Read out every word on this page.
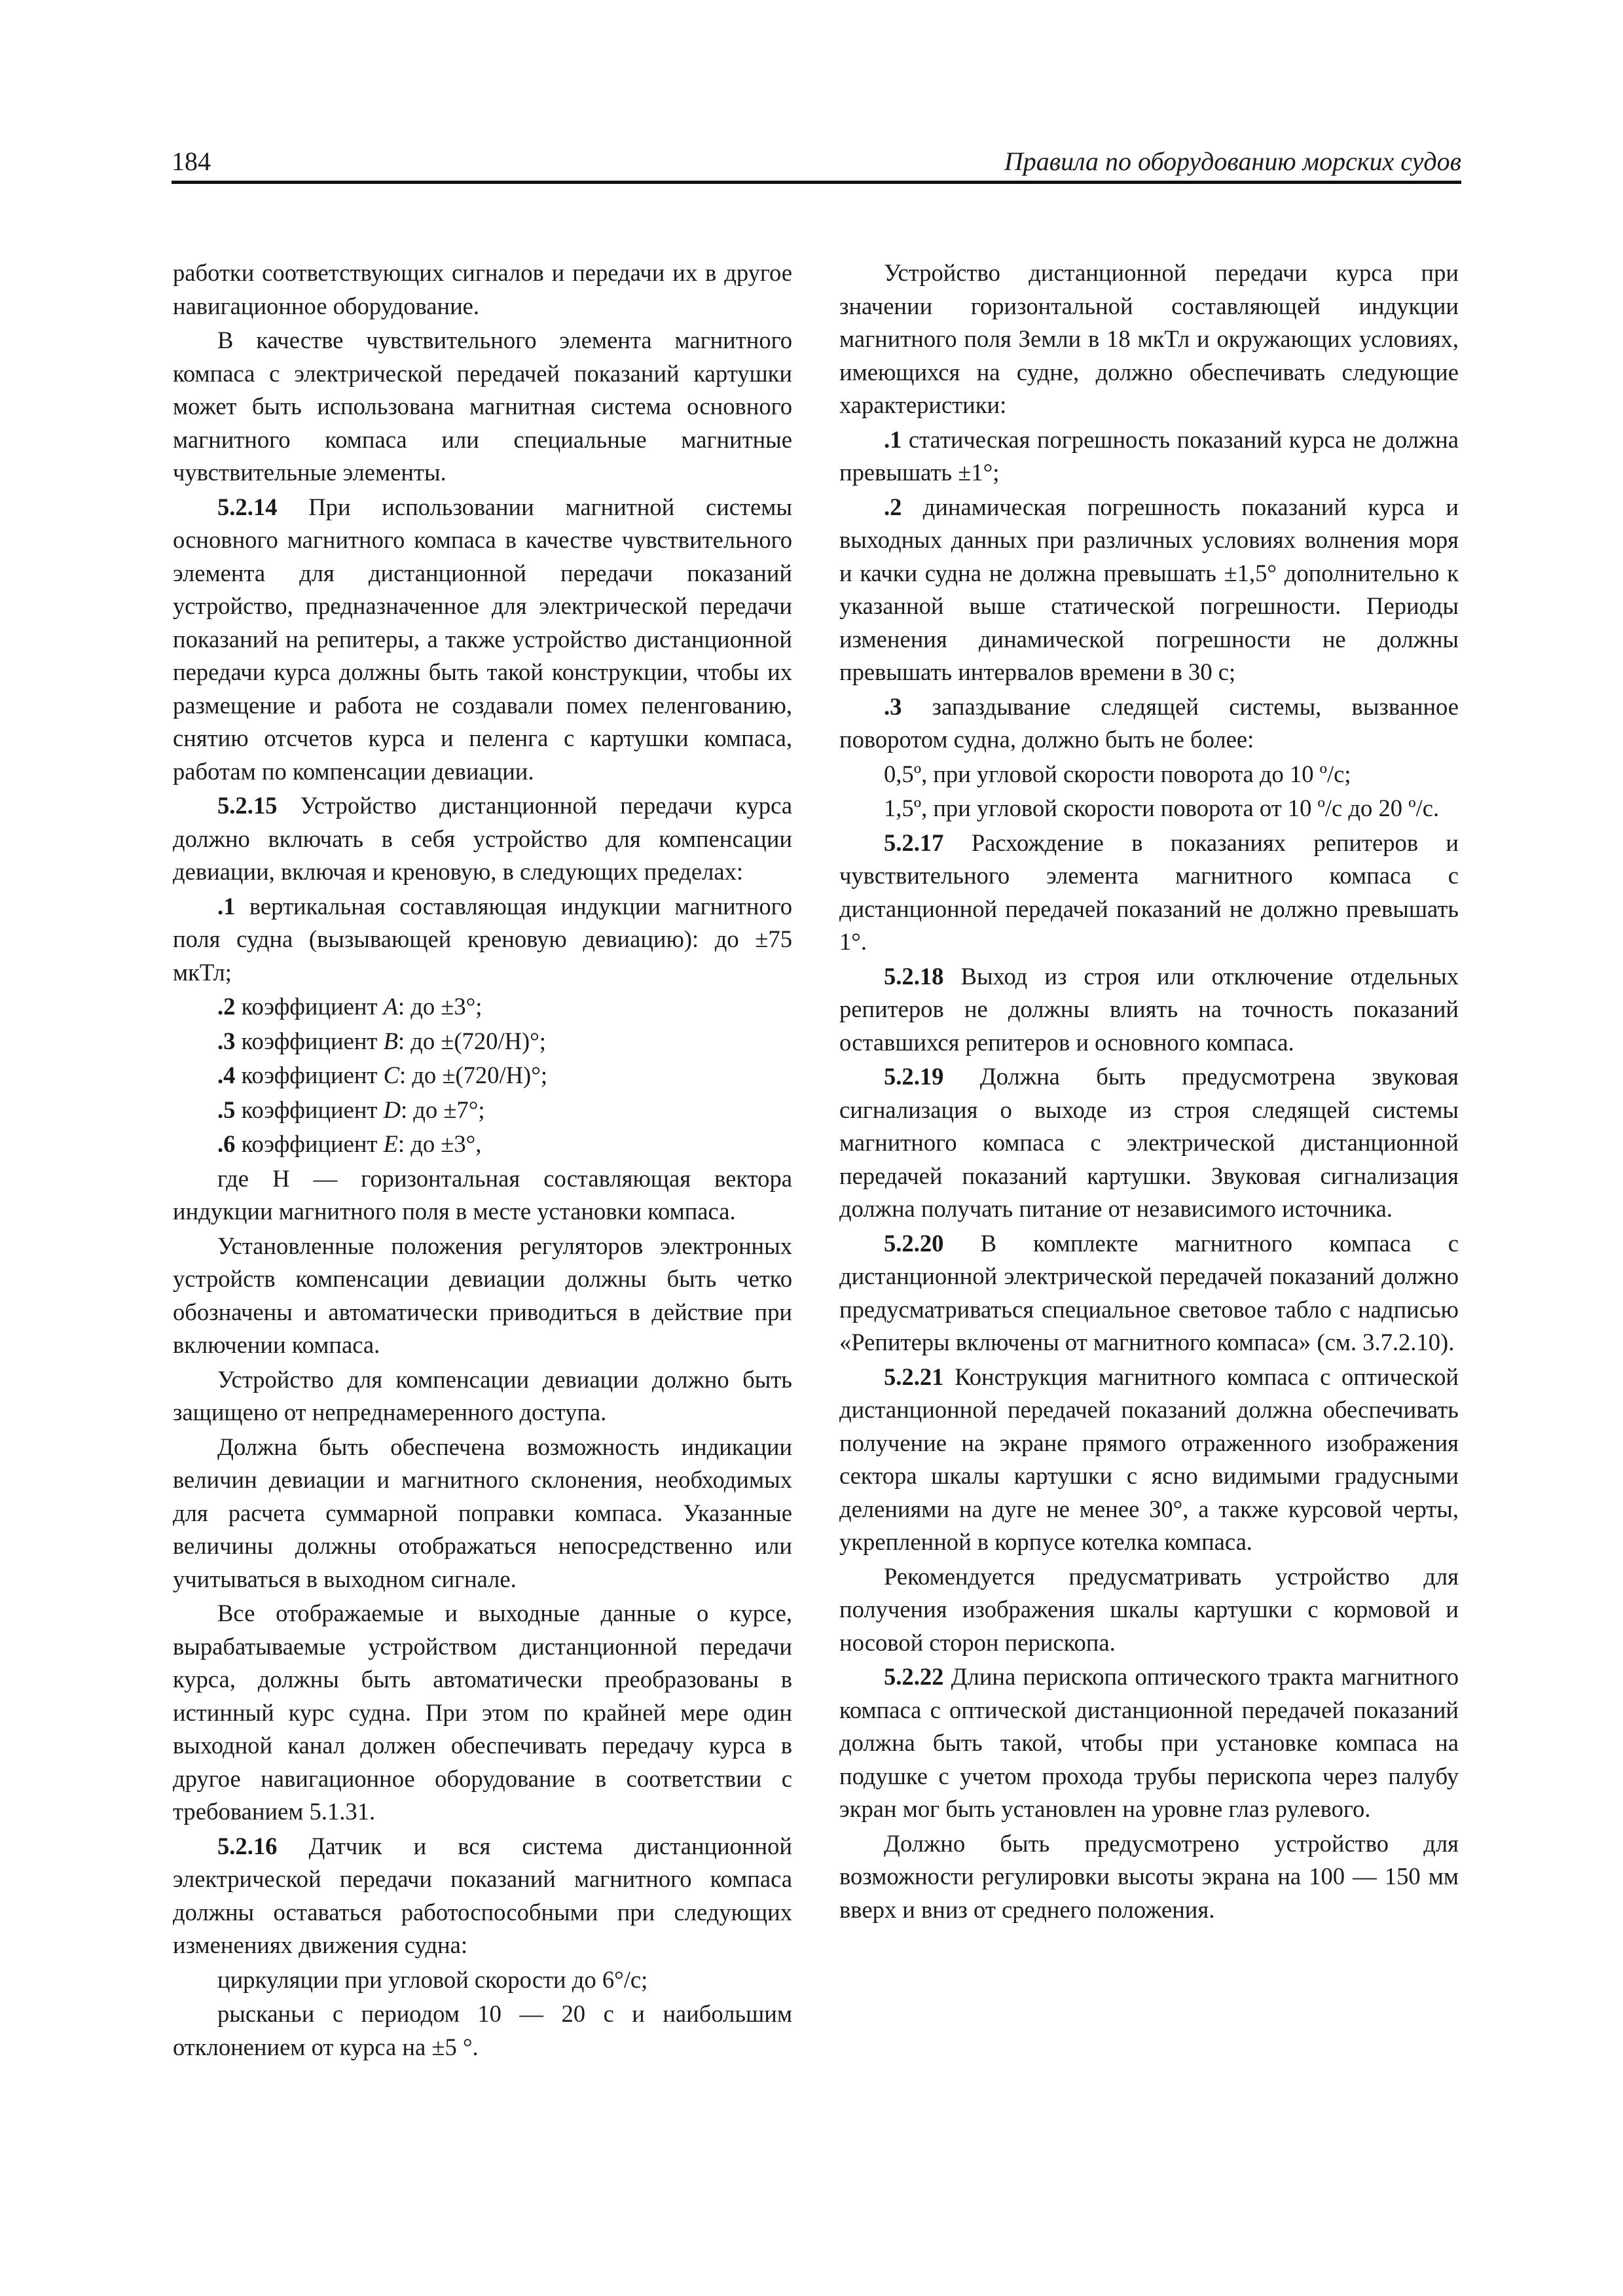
184	Правила по оборудованию морских судов

работки соответствующих сигналов и передачи их в другое навигационное оборудование.

В качестве чувствительного элемента магнитного компаса с электрической передачей показаний картушки может быть использована магнитная система основного магнитного компаса или специальные магнитные чувствительные элементы.

5.2.14 При использовании магнитной системы основного магнитного компаса в качестве чувствительного элемента для дистанционной передачи показаний устройство, предназначенное для электрической передачи показаний на репитеры, а также устройство дистанционной передачи курса должны быть такой конструкции, чтобы их размещение и работа не создавали помех пеленгованию, снятию отсчетов курса и пеленга с картушки компаса, работам по компенсации девиации.

5.2.15 Устройство дистанционной передачи курса должно включать в себя устройство для компенсации девиации, включая и креновую, в следующих пределах:

.1 вертикальная составляющая индукции магнитного поля судна (вызывающей креновую девиацию): до ±75 мкТл;

.2 коэффициент A: до ±3°;

.3 коэффициент B: до ±(720/Н)°;

.4 коэффициент C: до ±(720/Н)°;

.5 коэффициент D: до ±7°;

.6 коэффициент E: до ±3°,

где Н — горизонтальная составляющая вектора индукции магнитного поля в месте установки компаса.

Установленные положения регуляторов электронных устройств компенсации девиации должны быть четко обозначены и автоматически приводиться в действие при включении компаса.

Устройство для компенсации девиации должно быть защищено от непреднамеренного доступа.

Должна быть обеспечена возможность индикации величин девиации и магнитного склонения, необходимых для расчета суммарной поправки компаса. Указанные величины должны отображаться непосредственно или учитываться в выходном сигнале.

Все отображаемые и выходные данные о курсе, вырабатываемые устройством дистанционной передачи курса, должны быть автоматически преобразованы в истинный курс судна. При этом по крайней мере один выходной канал должен обеспечивать передачу курса в другое навигационное оборудование в соответствии с требованием 5.1.31.

5.2.16 Датчик и вся система дистанционной электрической передачи показаний магнитного компаса должны оставаться работоспособными при следующих изменениях движения судна:

циркуляции при угловой скорости до 6°/с;

рысканьи с периодом 10 — 20 с и наибольшим отклонением от курса на ±5 °.

Устройство дистанционной передачи курса при значении горизонтальной составляющей индукции магнитного поля Земли в 18 мкТл и окружающих условиях, имеющихся на судне, должно обеспечивать следующие характеристики:

.1 статическая погрешность показаний курса не должна превышать ±1°;

.2 динамическая погрешность показаний курса и выходных данных при различных условиях волнения моря и качки судна не должна превышать ±1,5° дополнительно к указанной выше статической погрешности. Периоды изменения динамической погрешности не должны превышать интервалов времени в 30 с;

.3 запаздывание следящей системы, вызванное поворотом судна, должно быть не более:

0,5º, при угловой скорости поворота до 10 º/с;

1,5º, при угловой скорости поворота от 10 º/с до 20 º/с.

5.2.17 Расхождение в показаниях репитеров и чувствительного элемента магнитного компаса с дистанционной передачей показаний не должно превышать 1°.

5.2.18 Выход из строя или отключение отдельных репитеров не должны влиять на точность показаний оставшихся репитеров и основного компаса.

5.2.19 Должна быть предусмотрена звуковая сигнализация о выходе из строя следящей системы магнитного компаса с электрической дистанционной передачей показаний картушки. Звуковая сигнализация должна получать питание от независимого источника.

5.2.20 В комплекте магнитного компаса с дистанционной электрической передачей показаний должно предусматриваться специальное световое табло с надписью «Репитеры включены от магнитного компаса» (см. 3.7.2.10).

5.2.21 Конструкция магнитного компаса с оптической дистанционной передачей показаний должна обеспечивать получение на экране прямого отраженного изображения сектора шкалы картушки с ясно видимыми градусными делениями на дуге не менее 30°, а также курсовой черты, укрепленной в корпусе котелка компаса.

Рекомендуется предусматривать устройство для получения изображения шкалы картушки с кормовой и носовой сторон перископа.

5.2.22 Длина перископа оптического тракта магнитного компаса с оптической дистанционной передачей показаний должна быть такой, чтобы при установке компаса на подушке с учетом прохода трубы перископа через палубу экран мог быть установлен на уровне глаз рулевого.

Должно быть предусмотрено устройство для возможности регулировки высоты экрана на 100 — 150 мм вверх и вниз от среднего положения.
